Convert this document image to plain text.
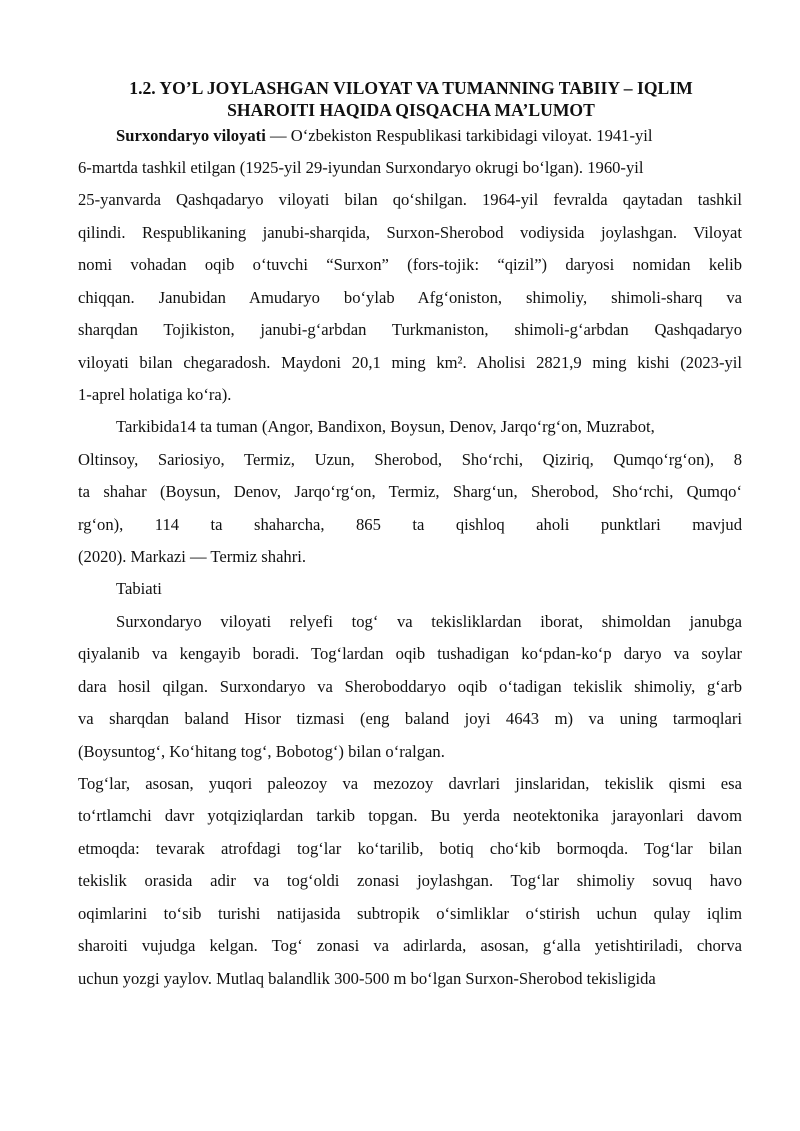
1.2. YO’L JOYLASHGAN VILOYAT VA TUMANNING TABIIY – IQLIM
SHAROITI HAQIDA QISQACHA MA’LUMOT
Surxondaryo viloyati — O‘zbekiston Respublikasi tarkibidagi viloyat. 1941-yil
6-martda tashkil etilgan (1925-yil 29-iyundan Surxondaryo okrugi bo‘lgan). 1960-yil
25-yanvarda Qashqadaryo viloyati bilan qo‘shilgan. 1964-yil fevralda qaytadan tashkil
qilindi. Respublikaning janubi-sharqida, Surxon-Sherobod vodiysida joylashgan. Viloyat
nomi vohadan oqib o‘tuvchi “Surxon” (fors-tojik: “qizil”) daryosi nomidan kelib
chiqqan. Janubidan Amudaryo bo‘ylab Afg‘oniston, shimoliy, shimoli-sharq va
sharqdan Tojikiston, janubi-g‘arbdan Turkmaniston, shimoli-g‘arbdan Qashqadaryo
viloyati bilan chegaradosh. Maydoni 20,1 ming km². Aholisi 2821,9 ming kishi (2023-yil
1-aprel holatiga ko‘ra).
Tarkibida14 ta tuman (Angor, Bandixon, Boysun, Denov, Jarqo‘rg‘on, Muzrabot,
Oltinsoy, Sariosiyo, Termiz, Uzun, Sherobod, Sho‘rchi, Qiziriq, Qumqo‘rg‘on), 8
ta shahar (Boysun, Denov, Jarqo‘rg‘on, Termiz, Sharg‘un, Sherobod, Sho‘rchi, Qumqo‘
rg‘on), 114 ta shaharcha, 865 ta qishloq aholi punktlari mavjud
(2020). Markazi — Termiz shahri.
Tabiati
Surxondaryo viloyati relyefi tog‘ va tekisliklardan iborat, shimoldan janubga
qiyalanib va kengayib boradi. Tog‘lardan oqib tushadigan ko‘pdan-ko‘p daryo va soylar
dara hosil qilgan. Surxondaryo va Sheroboddaryo oqib o‘tadigan tekislik shimoliy, g‘arb
va sharqdan baland Hisor tizmasi (eng baland joyi 4643 m) va uning tarmoqlari
(Boysuntog‘, Ko‘hitang tog‘, Bobotog‘) bilan o‘ralgan.
Tog‘lar, asosan, yuqori paleozoy va mezozoy davrlari jinslaridan, tekislik qismi esa
to‘rtlamchi davr yotqiziqlardan tarkib topgan. Bu yerda neotektonika jarayonlari davom
etmoqda: tevarak atrofdagi tog‘lar ko‘tarilib, botiq cho‘kib bormoqda. Tog‘lar bilan
tekislik orasida adir va tog‘oldi zonasi joylashgan. Tog‘lar shimoliy sovuq havo
oqimlarini to‘sib turishi natijasida subtropik o‘simliklar o‘stirish uchun qulay iqlim
sharoiti vujudga kelgan. Tog‘ zonasi va adirlarda, asosan, g‘alla yetishtiriladi, chorva
uchun yozgi yaylov. Mutlaq balandlik 300-500 m bo‘lgan Surxon-Sherobod tekisligida
